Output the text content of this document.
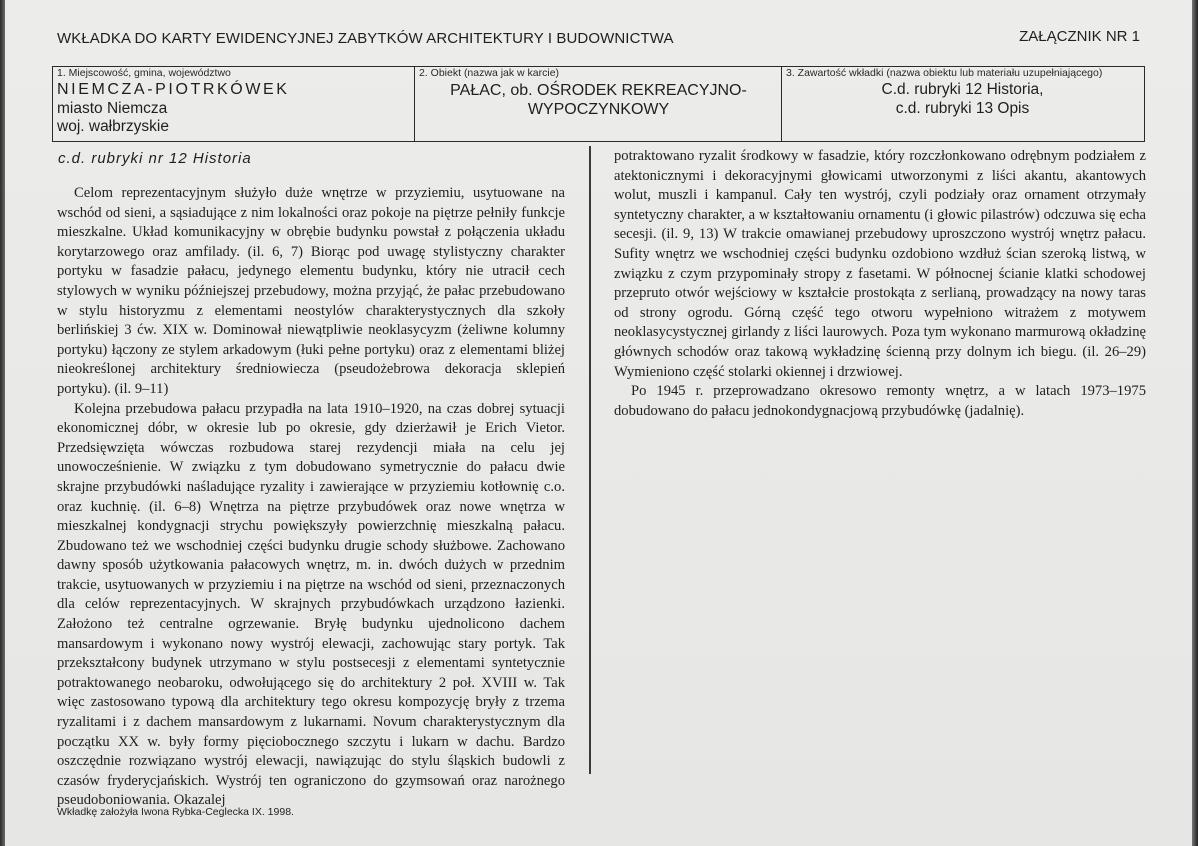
WKŁADKA DO KARTY EWIDENCYJNEJ ZABYTKÓW ARCHITEKTURY I BUDOWNICTWA	ZAŁĄCZNIK NR 1
1. Miejscowość, gmina, województwo
NIEMCZA-PIOTRKÓWEK
miasto Niemcza
woj. wałbrzyskie
2. Obiekt (nazwa jak w karcie)
PAŁAC, ob. OŚRODEK REKREACYJNO-
WYPOCZYNKOWY
3. Zawartość wkładki (nazwa obiektu lub materiału uzupełniającego)
C.d. rubryki 12 Historia,
c.d. rubryki 13 Opis
c.d. rubryki nr 12 Historia

Celom reprezentacyjnym służyło duże wnętrze w przyziemiu, usytuowane na wschód od sieni, a sąsiadujące z nim lokalności oraz pokoje na piętrze pełniły funkcje mieszkalne. Układ komunikacyjny w obrębie budynku powstał z połączenia układu korytarzowego oraz amfilady. (il. 6, 7) Biorąc pod uwagę stylistyczny charakter portyku w fasadzie pałacu, jedynego elementu budynku, który nie utracił cech stylowych w wyniku późniejszej przebudowy, można przyjąć, że pałac przebudowano w stylu historyzmu z elementami neostylów charakterystycznych dla szkoły berlińskiej 3 ćw. XIX w. Dominował niewątpliwie neoklasycyzm (żeliwne kolumny portyku) łączony ze stylem arkadowym (łuki pełne portyku) oraz z elementami bliżej nieokreślonej architektury średniowiecza (pseudożebrowa dekoracja sklepień portyku). (il. 9–11)

Kolejna przebudowa pałacu przypadła na lata 1910–1920, na czas dobrej sytuacji ekonomicznej dóbr, w okresie lub po okresie, gdy dzierżawił je Erich Vietor. Przedsięwzięta wówczas rozbudowa starej rezydencji miała na celu jej unowocześnienie. W związku z tym dobudowano symetrycznie do pałacu dwie skrajne przybudówki naśladujące ryzality i zawierające w przyziemiu kotłownię c.o. oraz kuchnię. (il. 6–8) Wnętrza na piętrze przybudówek oraz nowe wnętrza w mieszkalnej kondygnacji strychu powiększyły powierzchnię mieszkalną pałacu. Zbudowano też we wschodniej części budynku drugie schody służbowe. Zachowano dawny sposób użytkowania pałacowych wnętrz, m. in. dwóch dużych w przednim trakcie, usytuowanych w przyziemiu i na piętrze na wschód od sieni, przeznaczonych dla celów reprezentacyjnych. W skrajnych przybudówkach urządzono łazienki. Założono też centralne ogrzewanie. Bryłę budynku ujednolicono dachem mansardowym i wykonano nowy wystrój elewacji, zachowując stary portyk. Tak przekształcony budynek utrzymano w stylu postsecesji z elementami syntetycznie potraktowanego neobaroku, odwołującego się do architektury 2 poł. XVIII w. Tak więc zastosowano typową dla architektury tego okresu kompozycję bryły z trzema ryzalitami i z dachem mansardowym z lukarnami. Novum charakterystycznym dla początku XX w. były formy pięciobocznego szczytu i lukarn w dachu. Bardzo oszczędnie rozwiązano wystrój elewacji, nawiązując do stylu śląskich budowli z czasów fryderycjańskich. Wystrój ten ograniczono do gzymsowań oraz narożnego pseudoboniowania. Okazalej

potraktowano ryzalit środkowy w fasadzie, który rozczłonkowano odrębnym podziałem z atektonicznymi i dekoracyjnymi głowicami utworzonymi z liści akantu, akantowych wolut, muszli i kampanul. Cały ten wystrój, czyli podziały oraz ornament otrzymały syntetyczny charakter, a w kształtowaniu ornamentu (i głowic pilastrów) odczuwa się echa secesji. (il. 9, 13) W trakcie omawianej przebudowy uproszczono wystrój wnętrz pałacu. Sufity wnętrz we wschodniej części budynku ozdobiono wzdłuż ścian szeroką listwą, w związku z czym przypominały stropy z fasetami. W północnej ścianie klatki schodowej przepruto otwór wejściowy w kształcie prostokąta z serlianą, prowadzący na nowy taras od strony ogrodu. Górną część tego otworu wypełniono witrażem z motywem neoklasycystycznej girlandy z liści laurowych. Poza tym wykonano marmurową okładzinę głównych schodów oraz takową wykładzinę ścienną przy dolnym ich biegu. (il. 26–29) Wymieniono część stolarki okiennej i drzwiowej.

Po 1945 r. przeprowadzano okresowo remonty wnętrz, a w latach 1973–1975 dobudowano do pałacu jednokondygnacjową przybudówkę (jadalnię).

Wkładkę założyła Iwona Rybka-Ceglecka IX. 1998.
